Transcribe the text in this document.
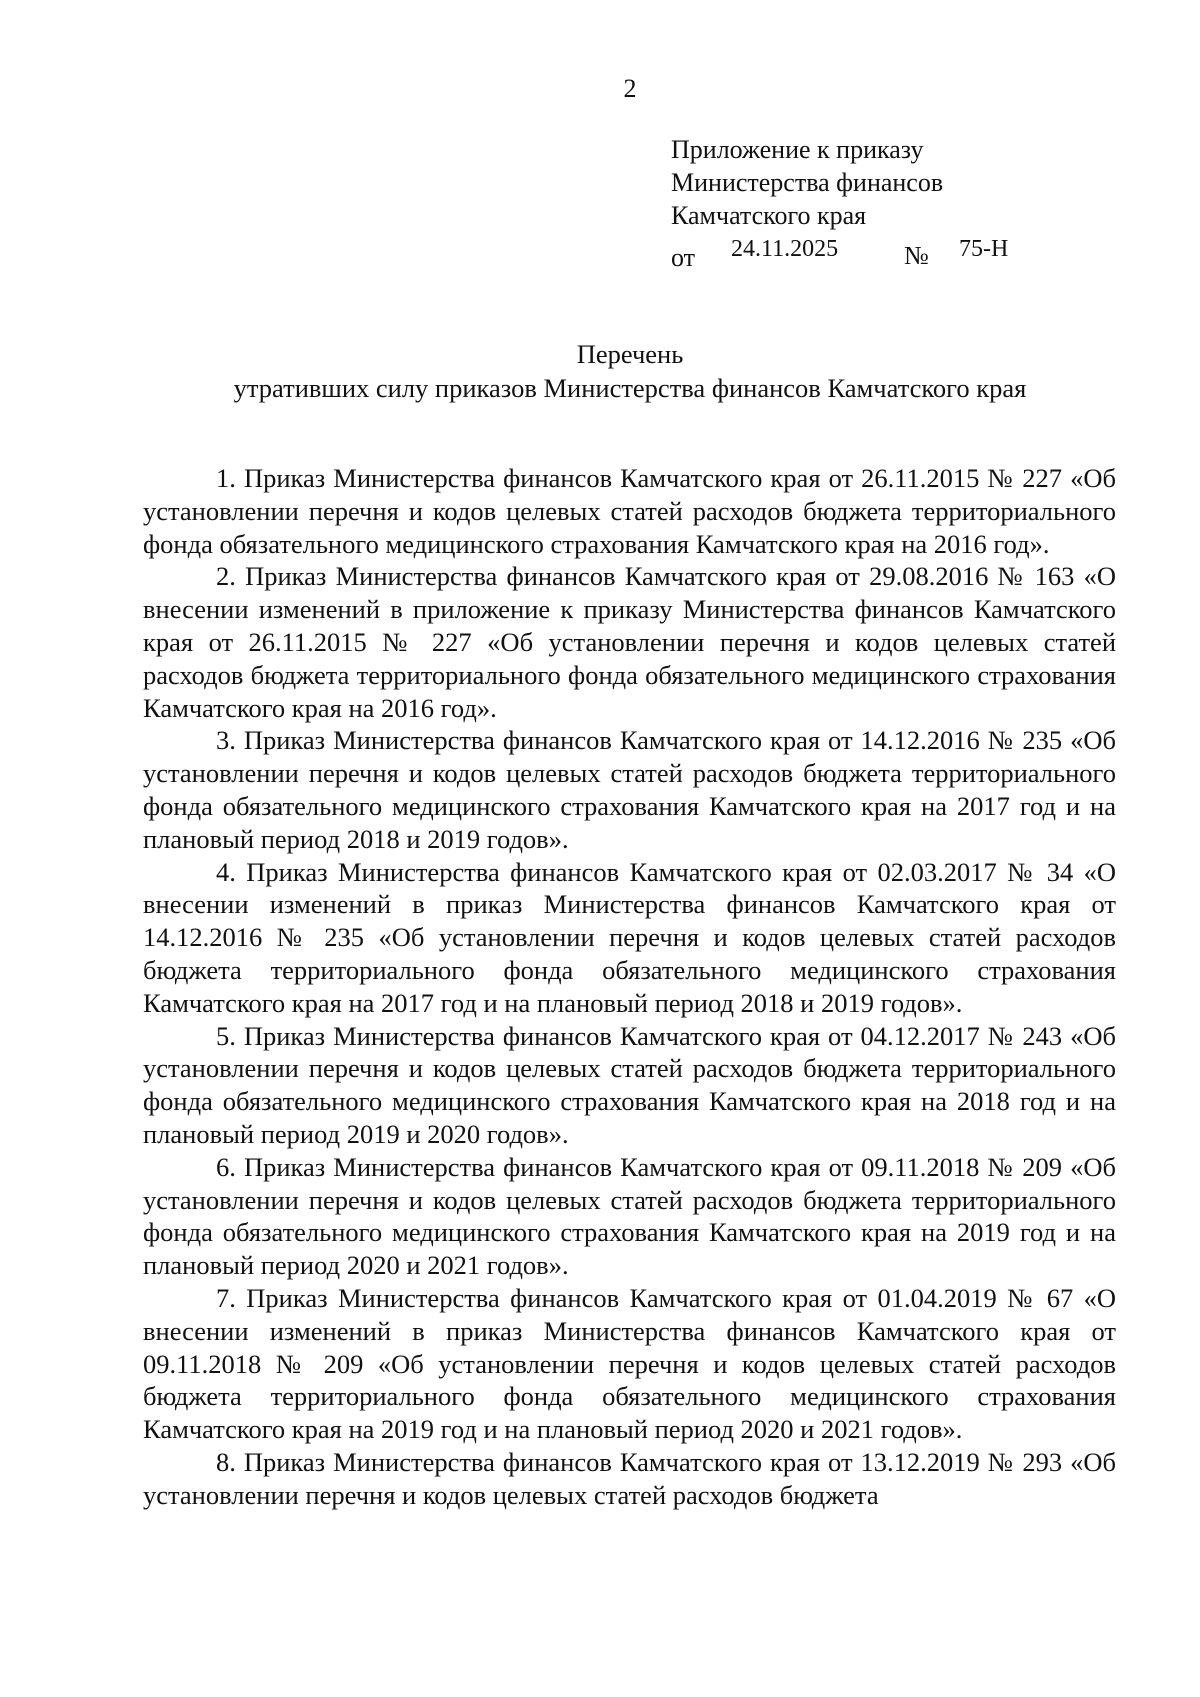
2
Приложение к приказу
Министерства финансов
Камчатского края
от 24.11.2025	№ 75-Н
Перечень
утративших силу приказов Министерства финансов Камчатского края

1. Приказ Министерства финансов Камчатского края от 26.11.2015 № 227 «Об установлении перечня и кодов целевых статей расходов бюджета территориального фонда обязательного медицинского страхования Камчатского края на 2016 год».

2. Приказ Министерства финансов Камчатского края от 29.08.2016 № 163 «О внесении изменений в приложение к приказу Министерства финансов Камчатского края от 26.11.2015 № 227 «Об установлении перечня и кодов целевых статей расходов бюджета территориального фонда обязательного медицинского страхования Камчатского края на 2016 год».

3. Приказ Министерства финансов Камчатского края от 14.12.2016 № 235 «Об установлении перечня и кодов целевых статей расходов бюджета территориального фонда обязательного медицинского страхования Камчатского края на 2017 год и на плановый период 2018 и 2019 годов».

4. Приказ Министерства финансов Камчатского края от 02.03.2017 № 34 «О внесении изменений в приказ Министерства финансов Камчатского края от 14.12.2016 № 235 «Об установлении перечня и кодов целевых статей расходов бюджета территориального фонда обязательного медицинского страхования Камчатского края на 2017 год и на плановый период 2018 и 2019 годов».

5. Приказ Министерства финансов Камчатского края от 04.12.2017 № 243 «Об установлении перечня и кодов целевых статей расходов бюджета территориального фонда обязательного медицинского страхования Камчатского края на 2018 год и на плановый период 2019 и 2020 годов».

6. Приказ Министерства финансов Камчатского края от 09.11.2018 № 209 «Об установлении перечня и кодов целевых статей расходов бюджета территориального фонда обязательного медицинского страхования Камчатского края на 2019 год и на плановый период 2020 и 2021 годов».

7. Приказ Министерства финансов Камчатского края от 01.04.2019 № 67 «О внесении изменений в приказ Министерства финансов Камчатского края от 09.11.2018 № 209 «Об установлении перечня и кодов целевых статей расходов бюджета территориального фонда обязательного медицинского страхования Камчатского края на 2019 год и на плановый период 2020 и 2021 годов».

8. Приказ Министерства финансов Камчатского края от 13.12.2019 № 293 «Об установлении перечня и кодов целевых статей расходов бюджета
